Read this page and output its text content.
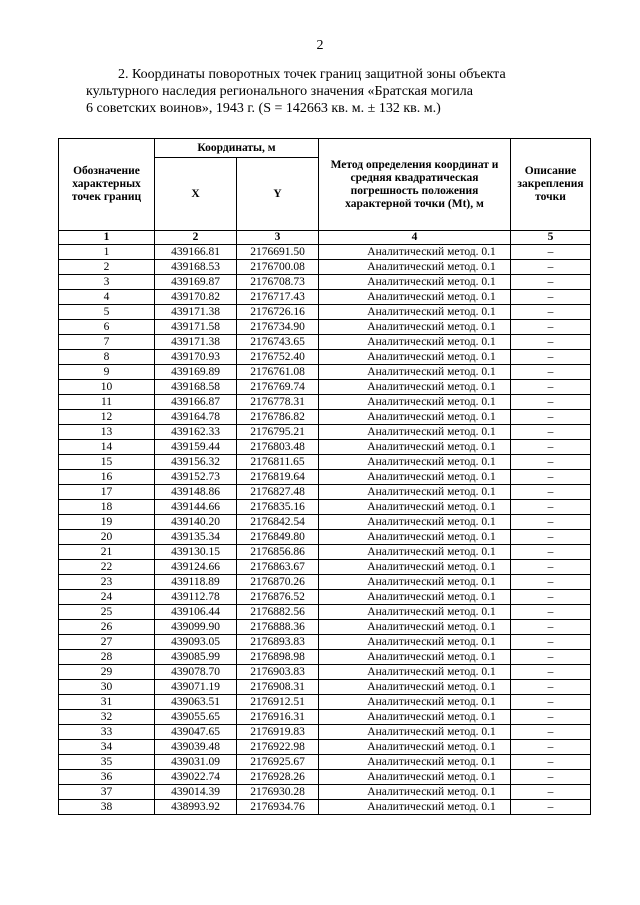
2
2. Координаты поворотных точек границ защитной зоны объекта
культурного наследия регионального значения «Братская могила
6 советских воинов», 1943 г. (S = 142663 кв. м. ± 132 кв. м.)
Обозначение характерных точек границ	Координаты, м		Метод определения координат и средняя квадратическая погрешность положения характерной точки (Mt), м	Описание закрепления точки
	X	Y		
1	2	3	4	5
1	439166.81	2176691.50	Аналитический метод. 0.1	–
2	439168.53	2176700.08	Аналитический метод. 0.1	–
3	439169.87	2176708.73	Аналитический метод. 0.1	–
4	439170.82	2176717.43	Аналитический метод. 0.1	–
5	439171.38	2176726.16	Аналитический метод. 0.1	–
6	439171.58	2176734.90	Аналитический метод. 0.1	–
7	439171.38	2176743.65	Аналитический метод. 0.1	–
8	439170.93	2176752.40	Аналитический метод. 0.1	–
9	439169.89	2176761.08	Аналитический метод. 0.1	–
10	439168.58	2176769.74	Аналитический метод. 0.1	–
11	439166.87	2176778.31	Аналитический метод. 0.1	–
12	439164.78	2176786.82	Аналитический метод. 0.1	–
13	439162.33	2176795.21	Аналитический метод. 0.1	–
14	439159.44	2176803.48	Аналитический метод. 0.1	–
15	439156.32	2176811.65	Аналитический метод. 0.1	–
16	439152.73	2176819.64	Аналитический метод. 0.1	–
17	439148.86	2176827.48	Аналитический метод. 0.1	–
18	439144.66	2176835.16	Аналитический метод. 0.1	–
19	439140.20	2176842.54	Аналитический метод. 0.1	–
20	439135.34	2176849.80	Аналитический метод. 0.1	–
21	439130.15	2176856.86	Аналитический метод. 0.1	–
22	439124.66	2176863.67	Аналитический метод. 0.1	–
23	439118.89	2176870.26	Аналитический метод. 0.1	–
24	439112.78	2176876.52	Аналитический метод. 0.1	–
25	439106.44	2176882.56	Аналитический метод. 0.1	–
26	439099.90	2176888.36	Аналитический метод. 0.1	–
27	439093.05	2176893.83	Аналитический метод. 0.1	–
28	439085.99	2176898.98	Аналитический метод. 0.1	–
29	439078.70	2176903.83	Аналитический метод. 0.1	–
30	439071.19	2176908.31	Аналитический метод. 0.1	–
31	439063.51	2176912.51	Аналитический метод. 0.1	–
32	439055.65	2176916.31	Аналитический метод. 0.1	–
33	439047.65	2176919.83	Аналитический метод. 0.1	–
34	439039.48	2176922.98	Аналитический метод. 0.1	–
35	439031.09	2176925.67	Аналитический метод. 0.1	–
36	439022.74	2176928.26	Аналитический метод. 0.1	–
37	439014.39	2176930.28	Аналитический метод. 0.1	–
38	438993.92	2176934.76	Аналитический метод. 0.1	–
